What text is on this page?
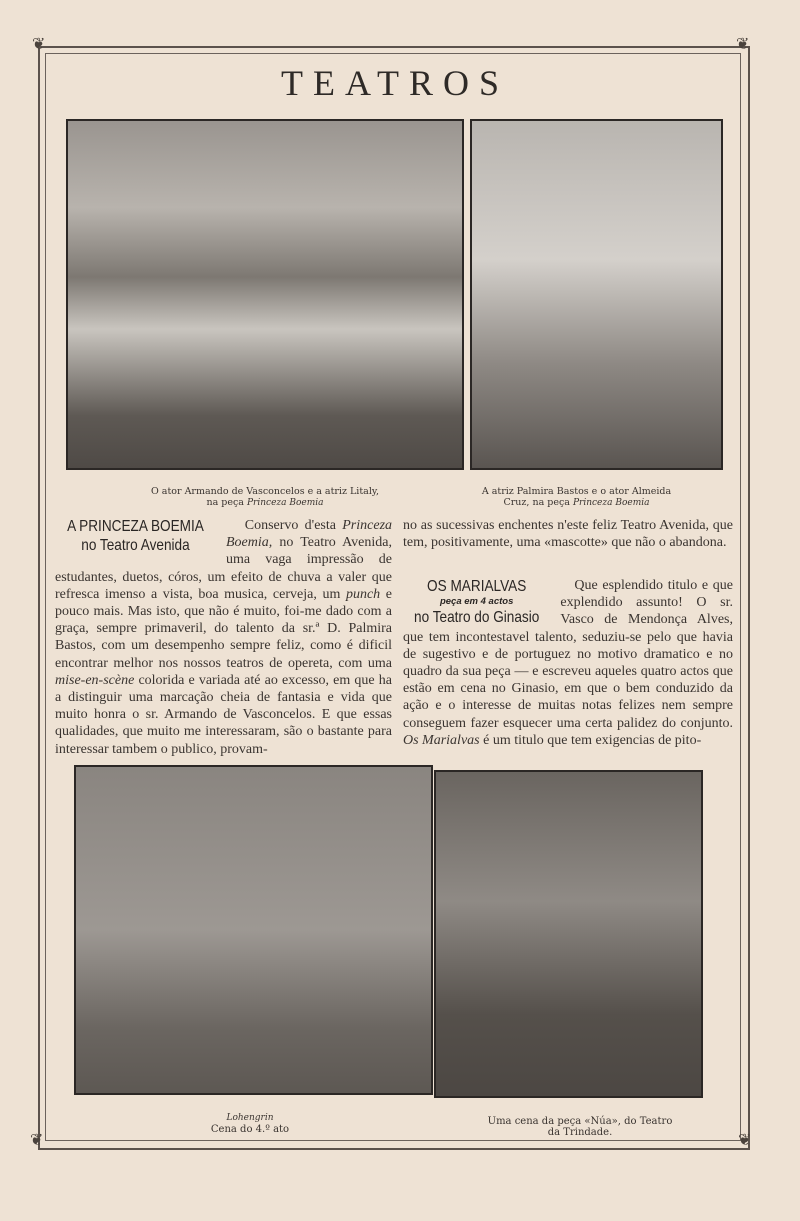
❦	❦
❦	❦
TEATROS
O ator Armando de Vasconcelos e a atriz Litaly,
na peça Princeza Boemia
A atriz Palmira Bastos e o ator Almeida
Cruz, na peça Princeza Boemia
A PRINCEZA BOEMIA
no Teatro Avenida

Conservo d'esta Princeza Boemia, no Teatro Avenida, uma vaga impressão de estudantes, duetos, córos, um efeito de chuva a valer que refresca imenso a vista, boa musica, cerveja, um punch e pouco mais. Mas isto, que não é muito, foi-me dado com a graça, sempre primaveril, do talento da sr.ª D. Palmira Bastos, com um desempenho sempre feliz, como é dificil encontrar melhor nos nossos teatros de opereta, com uma mise-en-scène colorida e variada até ao excesso, em que ha a distinguir uma marcação cheia de fantasia e vida que muito honra o sr. Armando de Vasconcelos. E que essas qualidades, que muito me interessaram, são o bastante para interessar tambem o publico, provam-

no as sucessivas enchentes n'este feliz Teatro Avenida, que tem, positivamente, uma «mascotte» que não o abandona.

OS MARIALVAS
peça em 4 actos
no Teatro do Ginasio

Que esplendido titulo e que explendido assunto! O sr. Vasco de Mendonça Alves, que tem incontestavel talento, seduziu-se pelo que havia de sugestivo e de portuguez no motivo dramatico e no quadro da sua peça — e escreveu aqueles quatro actos que estão em cena no Ginasio, em que o bem conduzido da ação e o interesse de muitas notas felizes nem sempre conseguem fazer esquecer uma certa palidez do conjunto. Os Marialvas é um titulo que tem exigencias de pito-

Lohengrin
Cena do 4.º ato
Uma cena da peça «Núa», do Teatro
da Trindade.
